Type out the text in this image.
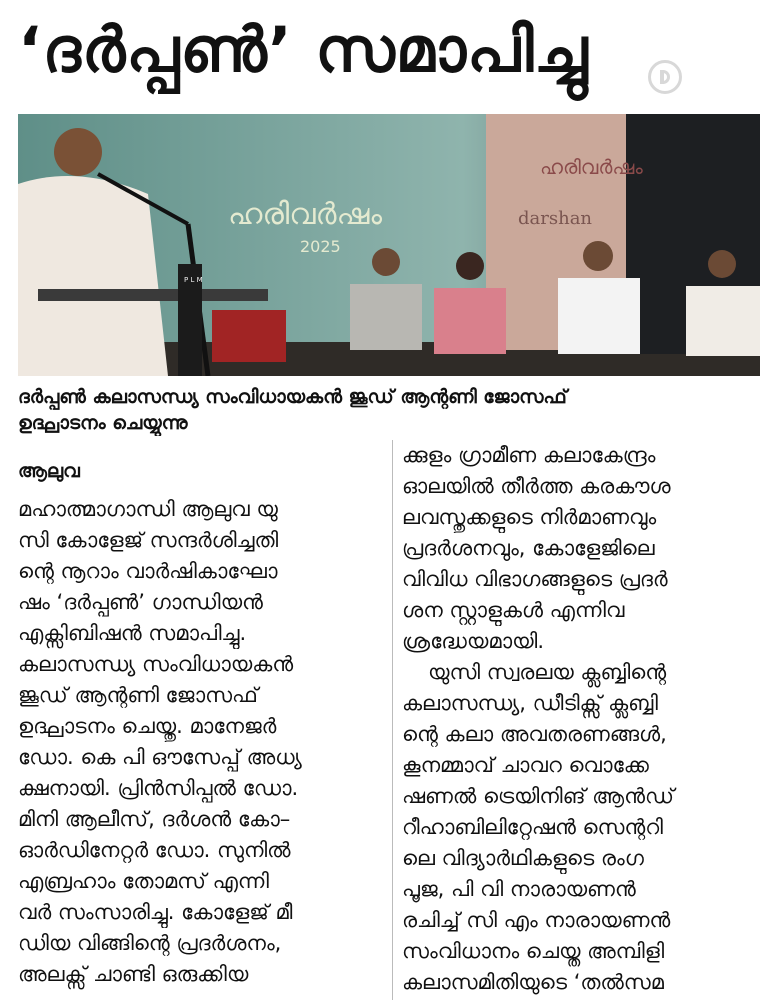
‘ദർപ്പൺ’ സമാപിച്ചു
ഹരിവർഷം
darshan
ഹരിവർഷം
2025
P L M
ദർപ്പൺ കലാസന്ധ്യ സംവിധായകൻ ജൂഡ് ആന്റണി ജോസഫ്
ഉദ്ഘാടനം ചെയ്യുന്നു
ആലുവ
മഹാത്മാഗാന്ധി ആലുവ യു
സി കോളേജ് സന്ദർശിച്ചതി
ന്റെ നൂറാം വാർഷികാഘോ
ഷം ‘ദർപ്പൺ’ ഗാന്ധിയൻ
എക്സിബിഷൻ സമാപിച്ചു.
കലാസന്ധ്യ സംവിധായകൻ
ജൂഡ് ആന്റണി ജോസഫ്
ഉദ്ഘാടനം ചെയ്തു. മാനേജർ
ഡോ. കെ പി ഔസേപ്പ് അധ്യ
ക്ഷനായി. പ്രിൻസിപ്പൽ ഡോ.
മിനി ആലീസ്, ദർശൻ കോ–
ഓർഡിനേറ്റർ ഡോ. സുനിൽ
എബ്രഹാം തോമസ് എന്നി
വർ സംസാരിച്ചു. കോളേജ് മീ
ഡിയ വിങ്ങിന്റെ പ്രദർശനം,
അലക്സ് ചാണ്ടി ഒരുക്കിയ
ക്കുളം ഗ്രാമീണ കലാകേന്ദ്രം
ഓലയിൽ തീർത്ത കരകൗശ
ലവസ്തുക്കളുടെ നിർമാണവും
പ്രദർശനവും, കോളേജിലെ
വിവിധ വിഭാഗങ്ങളുടെ പ്രദർ
ശന സ്റ്റാളുകൾ എന്നിവ
ശ്രദ്ധേയമായി.
യുസി സ്വരലയ ക്ലബ്ബിന്റെ
കലാസന്ധ്യ, ഡീടിക്സ് ക്ലബ്ബി
ന്റെ കലാ അവതരണങ്ങൾ,
കൂനമ്മാവ് ചാവറ വൊക്കേ
ഷണൽ ട്രെയിനിങ് ആൻഡ്
റീഹാബിലിറ്റേഷൻ സെന്ററി
ലെ വിദ്യാർഥികളുടെ രംഗ
പൂജ, പി വി നാരായണൻ
രചിച്ച് സി എം നാരായണൻ
സംവിധാനം ചെയ്ത അമ്പിളി
കലാസമിതിയുടെ ‘തൽസമ
